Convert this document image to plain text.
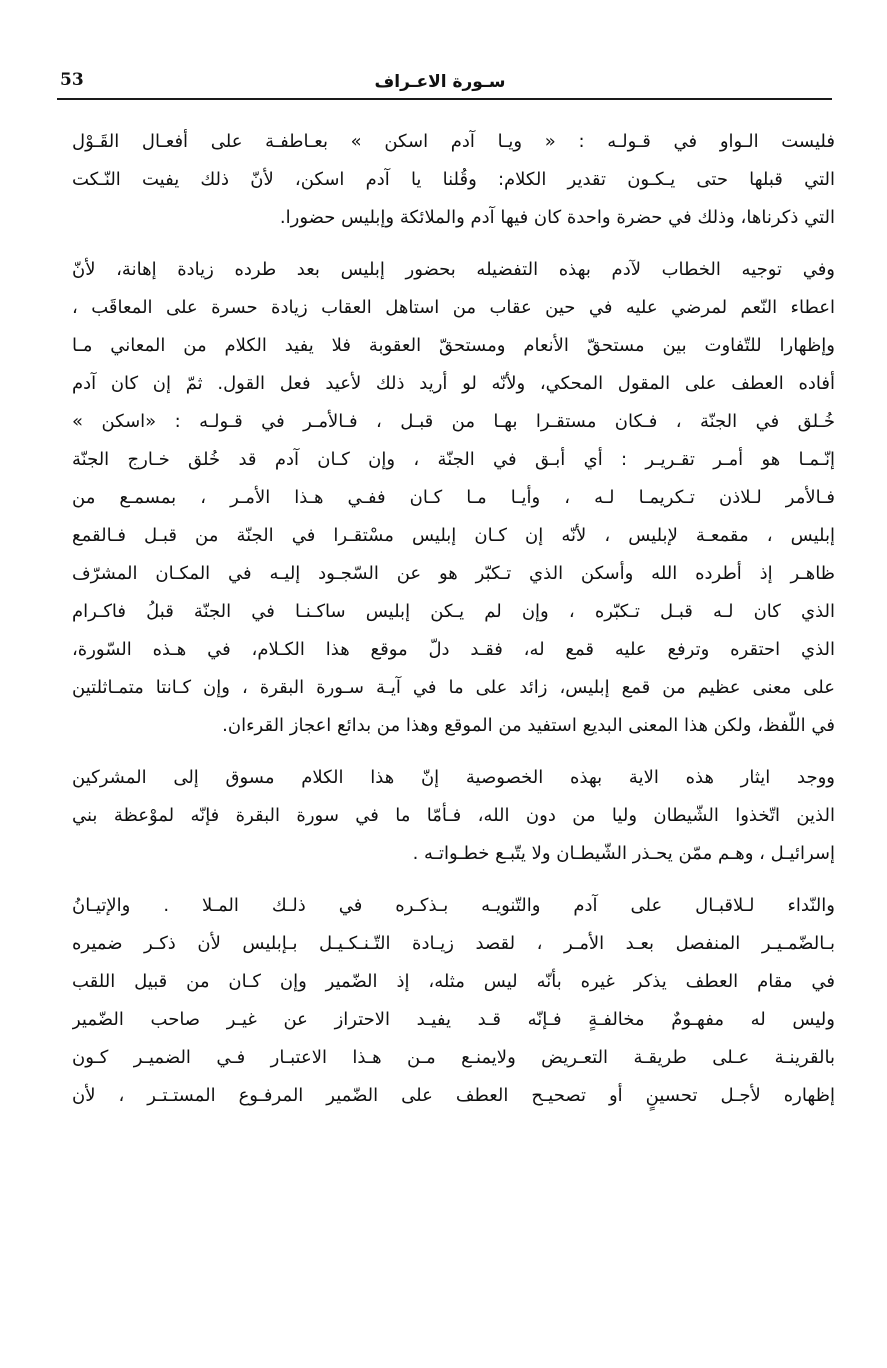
53	سـورة الاعـراف
فليست الـواو في قـولـه : « ويـا آدم اسكن » بعـاطفـة على أفعـال القَـوْل
التي قبلها حتى يـكـون تقدير الكلام: وقُلنا يا آدم اسكن، لأنّ ذلك يفيت النّـكت
التي ذكرناها، وذلك في حضرة واحدة كان فيها آدم والملائكة وإبليس حضورا.
وفي توجيه الخطاب لآدم بهذه التفضيله بحضور إبليس بعد طرده زيادة إهانة، لأنّ
اعطاء النّعم لمرضي عليه في حين عقاب من استاهل العقاب زيادة حسرة على المعاقَب ،
وإظهارا للتّفاوت بين مستحقّ الأنعام ومستحقّ العقوبة فلا يفيد الكلام من المعاني مـا
أفاده العطف على المقول المحكي، ولأنّه لو أريد ذلك لأعيد فعل القول. ثمّ إن كان آدم
خُـلق في الجنّة ، فـكان مستقـرا بهـا من قبـل ، فـالأمـر في قـولـه : «اسكن »
إنّـمـا هو أمـر تقـريـر : أي أبـق في الجنّة ، وإن كـان آدم قد خُلق خـارج الجنّة
فـالأمر لـلاذن تـكريمـا لـه ، وأيـا مـا كـان ففـي هـذا الأمـر ، بمسمـع من
إبليس ، مقمعـة لإبليس ، لأنّه إن كـان إبليس مسْتقـرا في الجنّة من قبـل فـالقمع
ظاهـر إذ أطرده الله وأسكن الذي تـكبّر هو عن السّجـود إليـه في المكـان المشرّف
الذي كان لـه قبـل تـكبّره ، وإن لم يـكن إبليس ساكـنـا في الجنّة قبلُ فاكـرام
الذي احتقره وترفع عليه قمع له، فقـد دلّ موقع هذا الكـلام، في هـذه السّورة،
على معنى عظيم من قمع إبليس، زائد على ما في آيـة سـورة البقرة ، وإن كـانتا متمـاثلتين
في اللّفظ، ولكن هذا المعنى البديع استفيد من الموقع وهذا من بدائع اعجاز القرءان.
ووجد ايثار هذه الاية بهذه الخصوصية إنّ هذا الكلام مسوق إلى المشركين
الذين اتّخذوا الشّيطان وليا من دون الله، فـأمّا ما في سورة البقرة فإنّه لموْعظة بني
إسرائيـل ، وهـم ممّن يحـذر الشّيطـان ولا يتّبـع خطـواتـه .
والنّداء لـلاقبـال على آدم والتّنويـه بـذكـره في ذلـك المـلا . والإتيـانُ
بـالضّمـيـر المنفصل بعـد الأمـر ، لقصد زيـادة التّـنـكـيـل بـإبليس لأن ذكـر ضميره
في مقام العطف يذكر غيره بأنّه ليس مثله، إذ الضّمير وإن كـان من قبيل اللقب
وليس له مفهـومٌ مخالفـةٍ فـإنّه قـد يفيـد الاحتراز عن غيـر صاحب الضّمير
بالقرينـة عـلى طريقـة التعـريض ولايمنـع مـن هـذا الاعتبـار فـي الضميـر كـون
إظهاره لأجـل تحسينٍ أو تصحيـح العطف على الضّمير المرفـوع المستـتـر ، لأن
